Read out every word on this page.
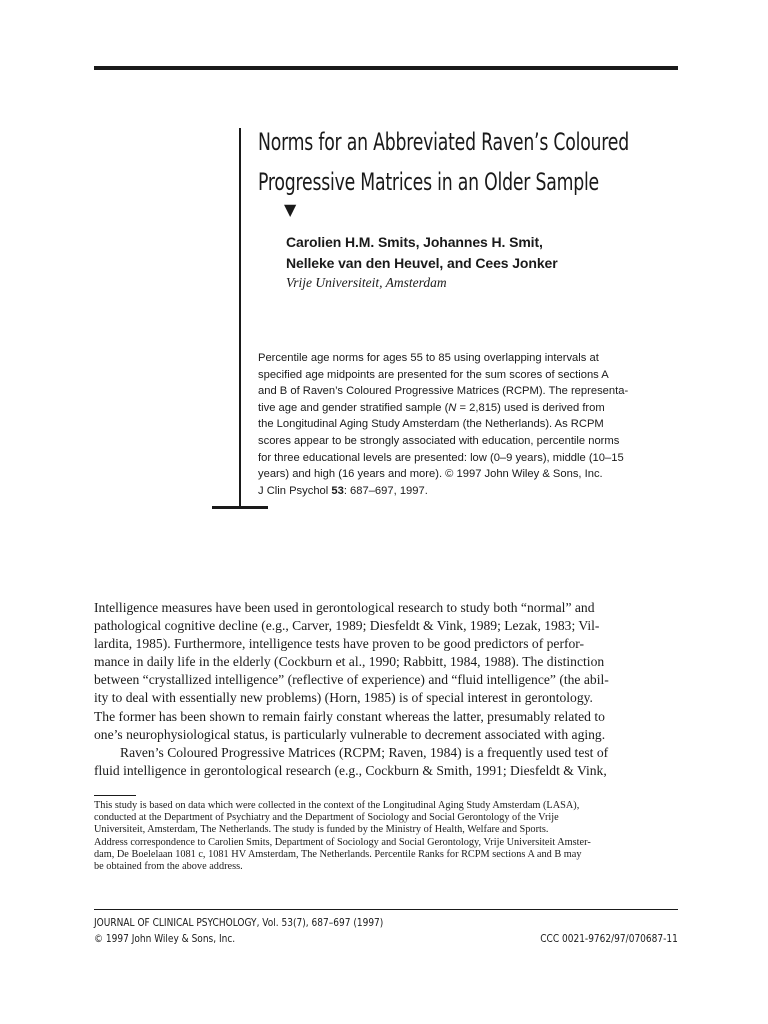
Norms for an Abbreviated Raven’s Coloured
Progressive Matrices in an Older Sample
▼

Carolien H.M. Smits, Johannes H. Smit,
Nelleke van den Heuvel, and Cees Jonker

Vrije Universiteit, Amsterdam

Percentile age norms for ages 55 to 85 using overlapping intervals at
specified age midpoints are presented for the sum scores of sections A
and B of Raven’s Coloured Progressive Matrices (RCPM). The representa-
tive age and gender stratified sample (N = 2,815) used is derived from
the Longitudinal Aging Study Amsterdam (the Netherlands). As RCPM
scores appear to be strongly associated with education, percentile norms
for three educational levels are presented: low (0–9 years), middle (10–15
years) and high (16 years and more). © 1997 John Wiley & Sons, Inc.
J Clin Psychol 53: 687–697, 1997.

Intelligence measures have been used in gerontological research to study both “normal” and
pathological cognitive decline (e.g., Carver, 1989; Diesfeldt & Vink, 1989; Lezak, 1983; Vil-
lardita, 1985). Furthermore, intelligence tests have proven to be good predictors of perfor-
mance in daily life in the elderly (Cockburn et al., 1990; Rabbitt, 1984, 1988). The distinction
between “crystallized intelligence” (reflective of experience) and “fluid intelligence” (the abil-
ity to deal with essentially new problems) (Horn, 1985) is of special interest in gerontology.
The former has been shown to remain fairly constant whereas the latter, presumably related to
one’s neurophysiological status, is particularly vulnerable to decrement associated with aging.
Raven’s Coloured Progressive Matrices (RCPM; Raven, 1984) is a frequently used test of
fluid intelligence in gerontological research (e.g., Cockburn & Smith, 1991; Diesfeldt & Vink,

This study is based on data which were collected in the context of the Longitudinal Aging Study Amsterdam (LASA),
conducted at the Department of Psychiatry and the Department of Sociology and Social Gerontology of the Vrije
Universiteit, Amsterdam, The Netherlands. The study is funded by the Ministry of Health, Welfare and Sports.
Address correspondence to Carolien Smits, Department of Sociology and Social Gerontology, Vrije Universiteit Amster-
dam, De Boelelaan 1081 c, 1081 HV Amsterdam, The Netherlands. Percentile Ranks for RCPM sections A and B may
be obtained from the above address.

JOURNAL OF CLINICAL PSYCHOLOGY, Vol. 53(7), 687–697 (1997)
© 1997 John Wiley & Sons, Inc.	CCC 0021-9762/97/070687-11
